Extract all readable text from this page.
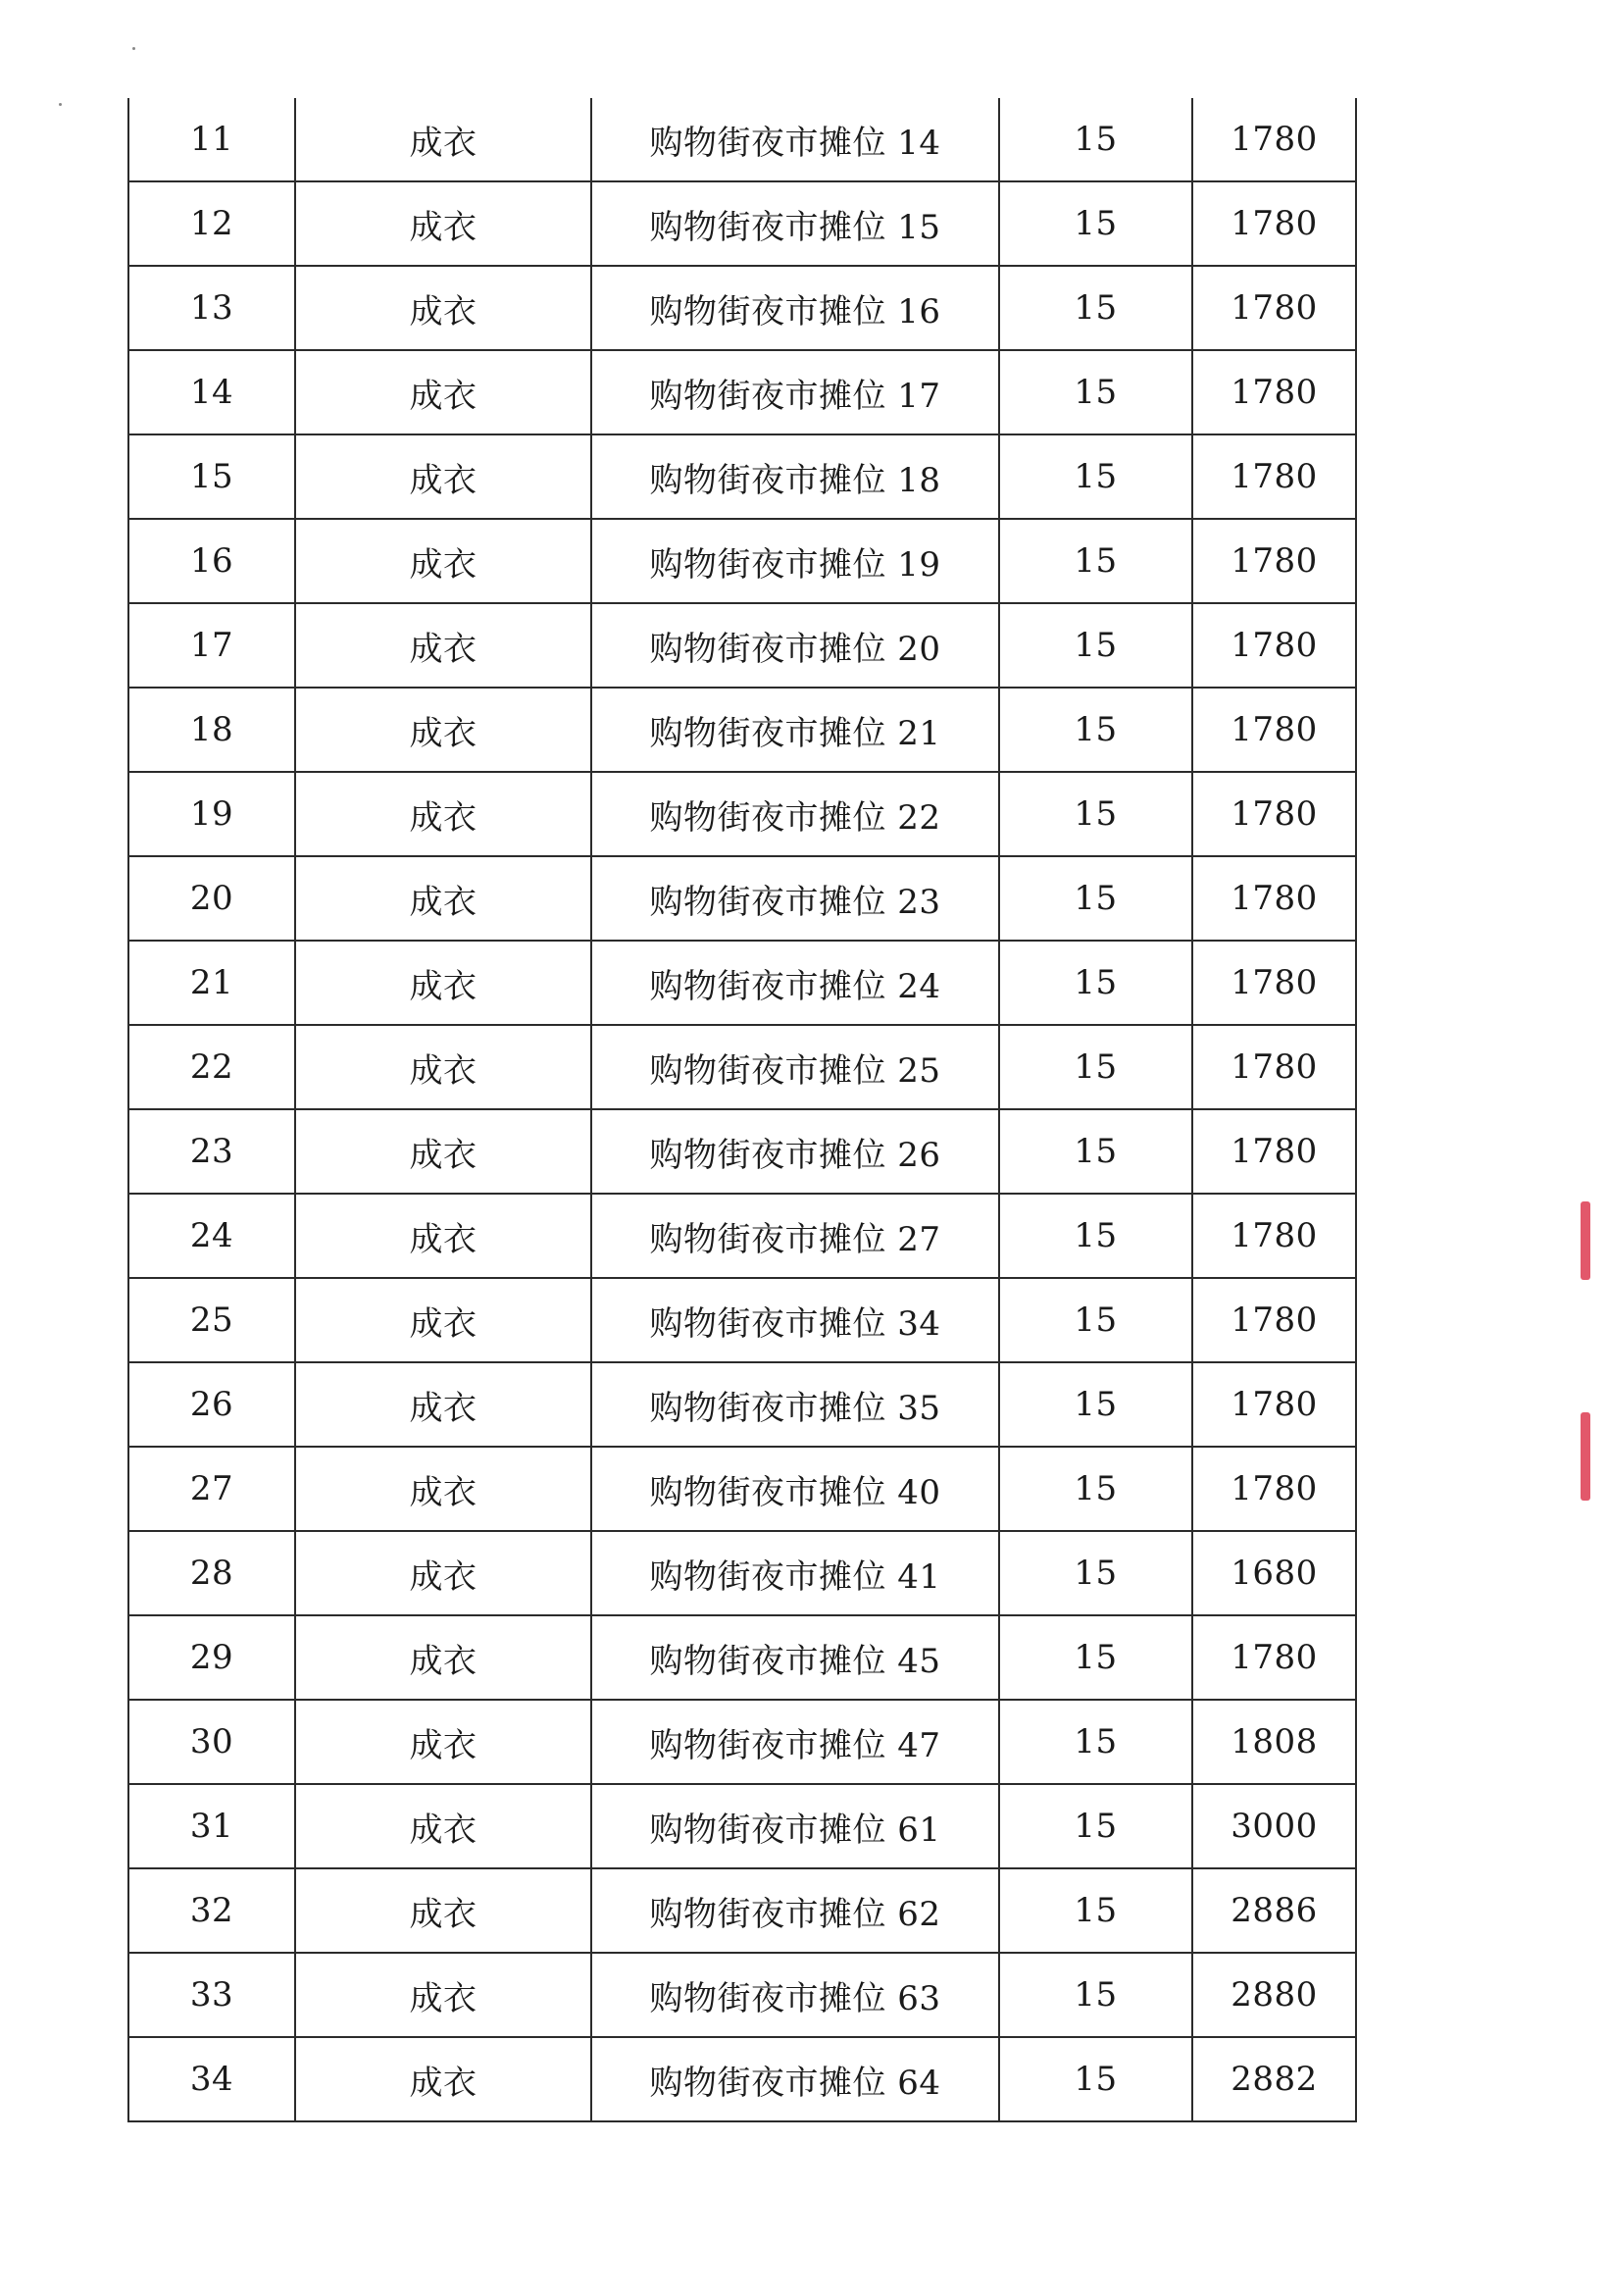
11	成衣	购物街夜市摊位 14	15	1780
12	成衣	购物街夜市摊位 15	15	1780
13	成衣	购物街夜市摊位 16	15	1780
14	成衣	购物街夜市摊位 17	15	1780
15	成衣	购物街夜市摊位 18	15	1780
16	成衣	购物街夜市摊位 19	15	1780
17	成衣	购物街夜市摊位 20	15	1780
18	成衣	购物街夜市摊位 21	15	1780
19	成衣	购物街夜市摊位 22	15	1780
20	成衣	购物街夜市摊位 23	15	1780
21	成衣	购物街夜市摊位 24	15	1780
22	成衣	购物街夜市摊位 25	15	1780
23	成衣	购物街夜市摊位 26	15	1780
24	成衣	购物街夜市摊位 27	15	1780
25	成衣	购物街夜市摊位 34	15	1780
26	成衣	购物街夜市摊位 35	15	1780
27	成衣	购物街夜市摊位 40	15	1780
28	成衣	购物街夜市摊位 41	15	1680
29	成衣	购物街夜市摊位 45	15	1780
30	成衣	购物街夜市摊位 47	15	1808
31	成衣	购物街夜市摊位 61	15	3000
32	成衣	购物街夜市摊位 62	15	2886
33	成衣	购物街夜市摊位 63	15	2880
34	成衣	购物街夜市摊位 64	15	2882
